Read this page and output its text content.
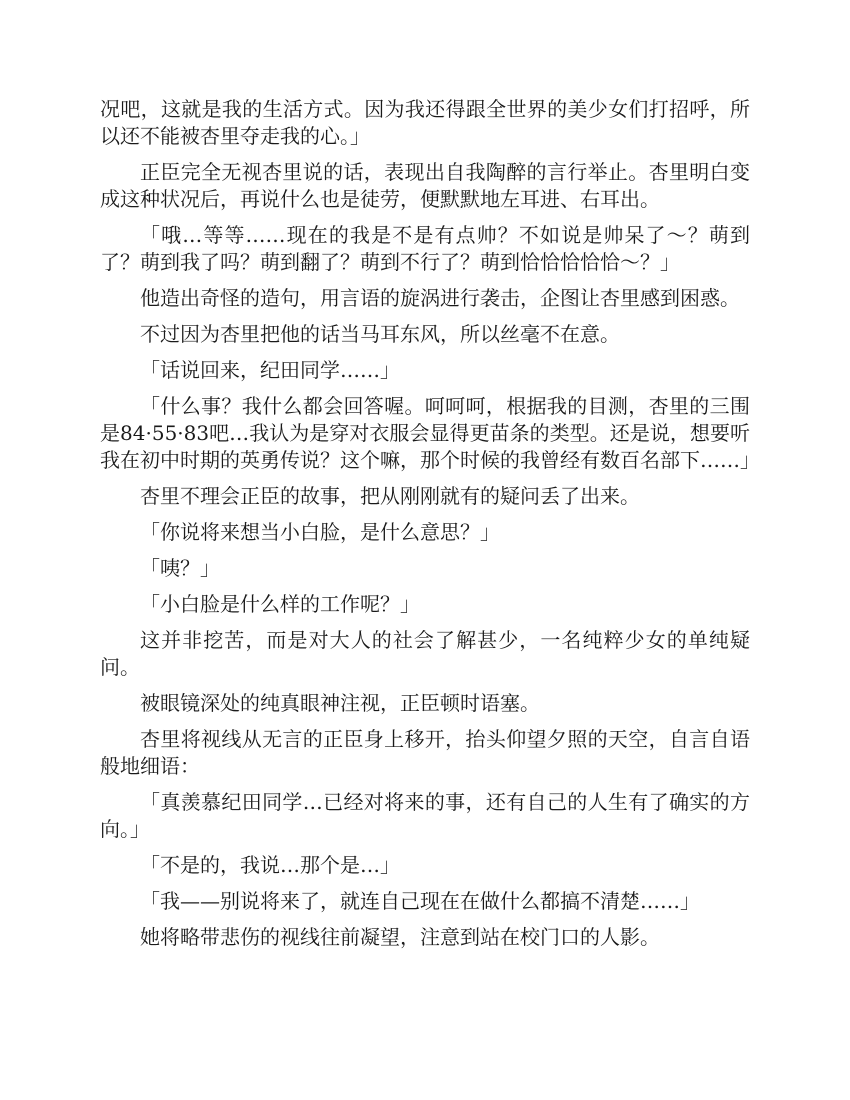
况吧，这就是我的生活方式。因为我还得跟全世界的美少女们打招呼，所以还不能被杏里夺走我的心。」

正臣完全无视杏里说的话，表现出自我陶醉的言行举止。杏里明白变成这种状况后，再说什么也是徒劳，便默默地左耳进、右耳出。

「哦…等等……现在的我是不是有点帅？不如说是帅呆了～？萌到了？萌到我了吗？萌到翻了？萌到不行了？萌到恰恰恰恰恰～？」

他造出奇怪的造句，用言语的旋涡进行袭击，企图让杏里感到困惑。

不过因为杏里把他的话当马耳东风，所以丝毫不在意。

「话说回来，纪田同学……」

「什么事？我什么都会回答喔。呵呵呵，根据我的目测，杏里的三围是84·55·83吧…我认为是穿对衣服会显得更苗条的类型。还是说，想要听我在初中时期的英勇传说？这个嘛，那个时候的我曾经有数百名部下……」

杏里不理会正臣的故事，把从刚刚就有的疑问丢了出来。

「你说将来想当小白脸，是什么意思？」

「咦？」

「小白脸是什么样的工作呢？」

这并非挖苦，而是对大人的社会了解甚少，一名纯粹少女的单纯疑问。

被眼镜深处的纯真眼神注视，正臣顿时语塞。

杏里将视线从无言的正臣身上移开，抬头仰望夕照的天空，自言自语般地细语：

「真羡慕纪田同学…已经对将来的事，还有自己的人生有了确实的方向。」

「不是的，我说…那个是…」

「我——别说将来了，就连自己现在在做什么都搞不清楚……」

她将略带悲伤的视线往前凝望，注意到站在校门口的人影。
